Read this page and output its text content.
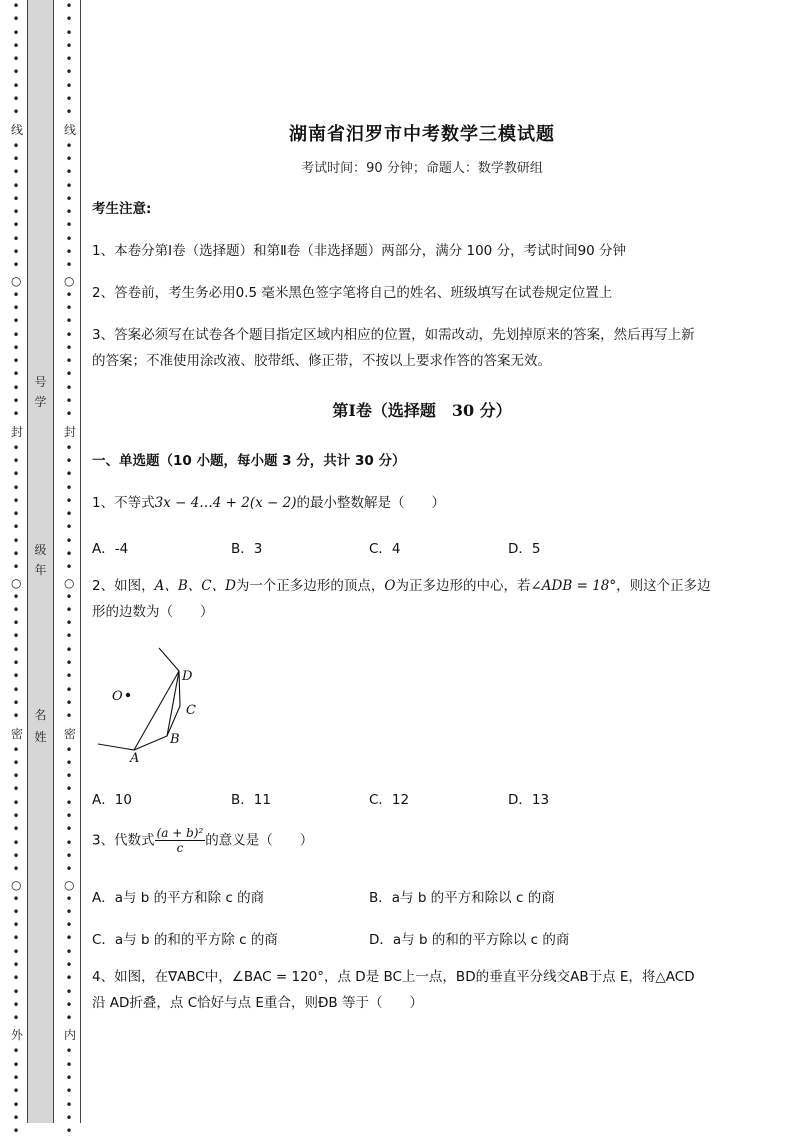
•
•
•
•
•
•
•
•
•
线
•
•
•
•
•
•
•
•
•
•
○
•
•
•
•
•
•
•
•
•
•
封
•
•
•
•
•
•
•
•
•
•
○
•
•
•
•
•
•
•
•
•
•
密
•
•
•
•
•
•
•
•
•
•
○
•
•
•
•
•
•
•
•
•
•
外
•
•
•
•
•
•
•
号
学
级
年
名
姓
•
•
•
•
•
•
•
•
•
线
•
•
•
•
•
•
•
•
•
•
○
•
•
•
•
•
•
•
•
•
•
封
•
•
•
•
•
•
•
•
•
•
○
•
•
•
•
•
•
•
•
•
•
密
•
•
•
•
•
•
•
•
•
•
○
•
•
•
•
•
•
•
•
•
•
内
•
•
•
•
•
•
•
湖南省汨罗市中考数学三模试题
考试时间：90 分钟；命题人：数学教研组
考生注意:
1、本卷分第Ⅰ卷（选择题）和第Ⅱ卷（非选择题）两部分，满分 100 分，考试时间90 分钟
2、答卷前，考生务必用0.5 毫米黑色签字笔将自己的姓名、班级填写在试卷规定位置上
3、答案必须写在试卷各个题目指定区域内相应的位置，如需改动，先划掉原来的答案，然后再写上新
的答案；不准使用涂改液、胶带纸、修正带，不按以上要求作答的答案无效。
第Ⅰ卷（选择题　30 分）
一、单选题（10 小题，每小题 3 分，共计 30 分）
1、不等式3x − 4…4 + 2(x − 2)的最小整数解是（　　）
A．-4	B．3	C．4	D．5
2、如图，A、B、C、D为一个正多边形的顶点，O为正多边形的中心，若∠ADB = 18°，则这个正多边
形的边数为（　　）
O
A
B
C
D
A．10	B．11	C．12	D．13
3、代数式 $\frac{\text{(a + b)²}}{c}$ 的意义是（　　）
A．a与 b 的平方和除 c 的商	B．a与 b 的平方和除以 c 的商
C．a与 b 的和的平方除 c 的商	D．a与 b 的和的平方除以 c 的商
4、如图，在∇ABC中，∠BAC = 120°，点 D是 BC上一点，BD的垂直平分线交AB于点 E，将△ACD
沿 AD折叠，点 C恰好与点 E重合，则ÐB 等于（　　）
